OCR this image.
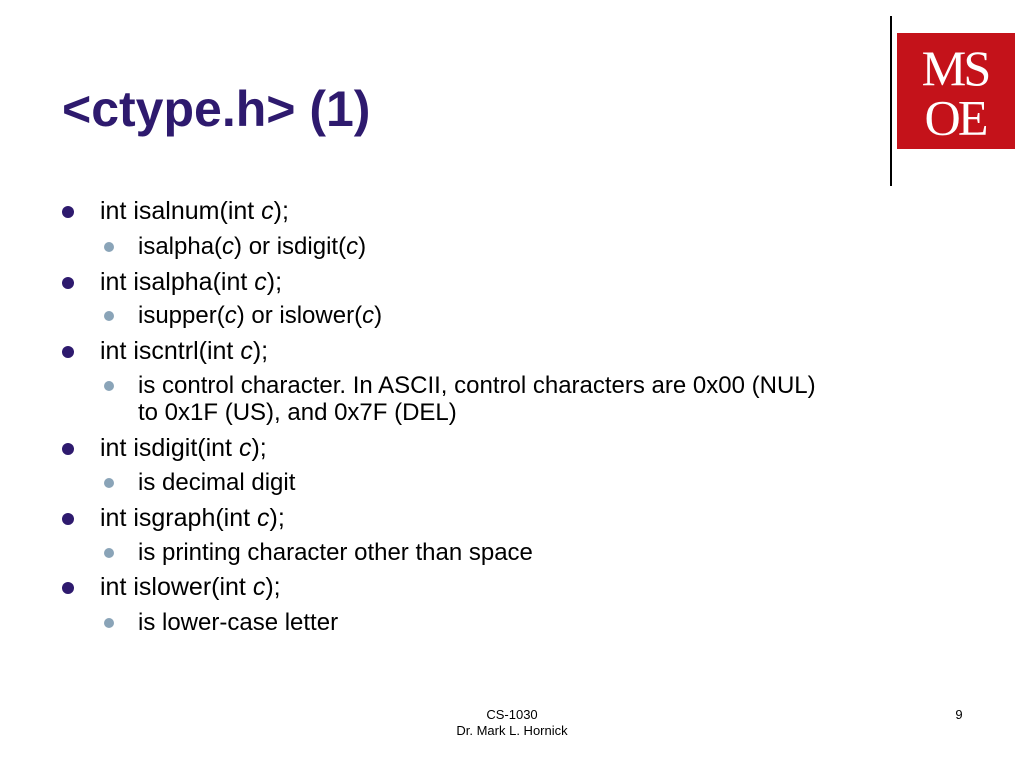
<ctype.h> (1)
MS
OE
int isalnum(int c);
isalpha(c) or isdigit(c)
int isalpha(int c);
isupper(c) or islower(c)
int iscntrl(int c);
is control character. In ASCII, control characters are 0x00 (NUL)
to 0x1F (US), and 0x7F (DEL)
int isdigit(int c);
is decimal digit
int isgraph(int c);
is printing character other than space
int islower(int c);
is lower-case letter
CS-1030
Dr. Mark L. Hornick
9
